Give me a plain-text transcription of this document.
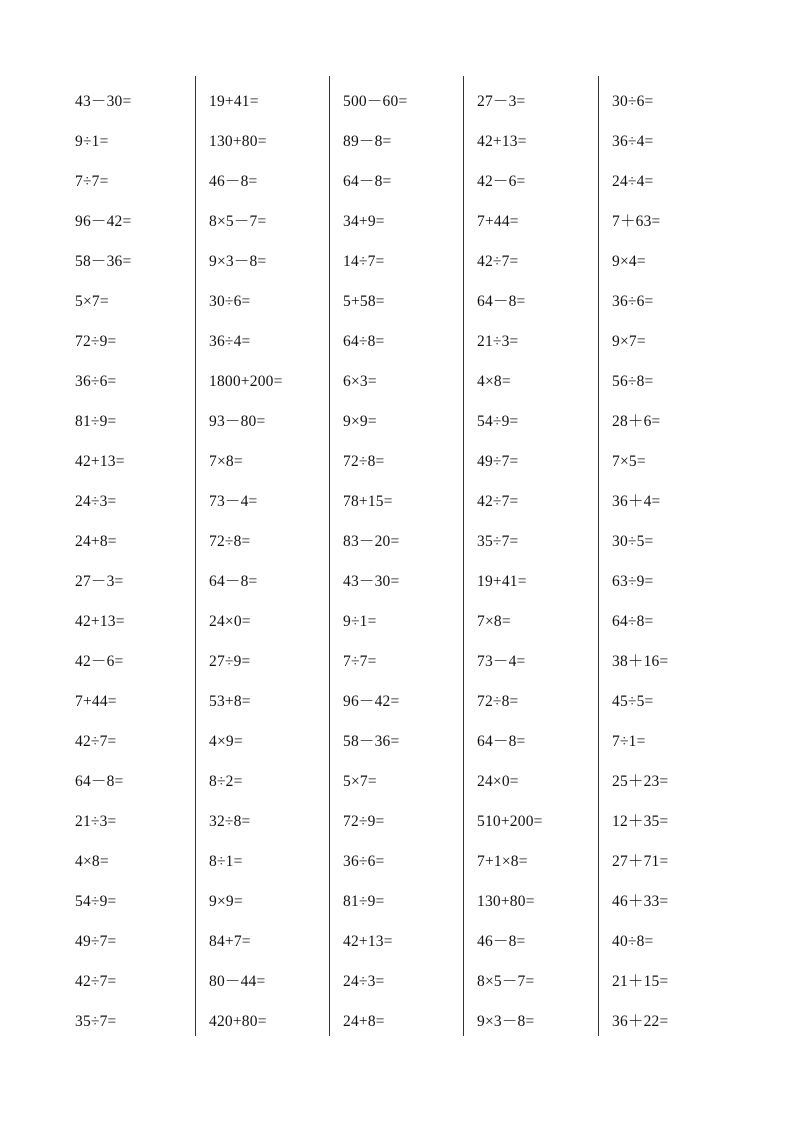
43－30=
9÷1=
7÷7=
96－42=
58－36=
5×7=
72÷9=
36÷6=
81÷9=
42+13=
24÷3=
24+8=
27－3=
42+13=
42－6=
7+44=
42÷7=
64－8=
21÷3=
4×8=
54÷9=
49÷7=
42÷7=
35÷7=
19+41=
130+80=
46－8=
8×5－7=
9×3－8=
30÷6=
36÷4=
1800+200=
93－80=
7×8=
73－4=
72÷8=
64－8=
24×0=
27÷9=
53+8=
4×9=
8÷2=
32÷8=
8÷1=
9×9=
84+7=
80－44=
420+80=
500－60=
89－8=
64－8=
34+9=
14÷7=
5+58=
64÷8=
6×3=
9×9=
72÷8=
78+15=
83－20=
43－30=
9÷1=
7÷7=
96－42=
58－36=
5×7=
72÷9=
36÷6=
81÷9=
42+13=
24÷3=
24+8=
27－3=
42+13=
42－6=
7+44=
42÷7=
64－8=
21÷3=
4×8=
54÷9=
49÷7=
42÷7=
35÷7=
19+41=
7×8=
73－4=
72÷8=
64－8=
24×0=
510+200=
7+1×8=
130+80=
46－8=
8×5－7=
9×3－8=
30÷6=
36÷4=
24÷4=
7＋63=
9×4=
36÷6=
9×7=
56÷8=
28＋6=
7×5=
36＋4=
30÷5=
63÷9=
64÷8=
38＋16=
45÷5=
7÷1=
25＋23=
12＋35=
27＋71=
46＋33=
40÷8=
21＋15=
36＋22=
